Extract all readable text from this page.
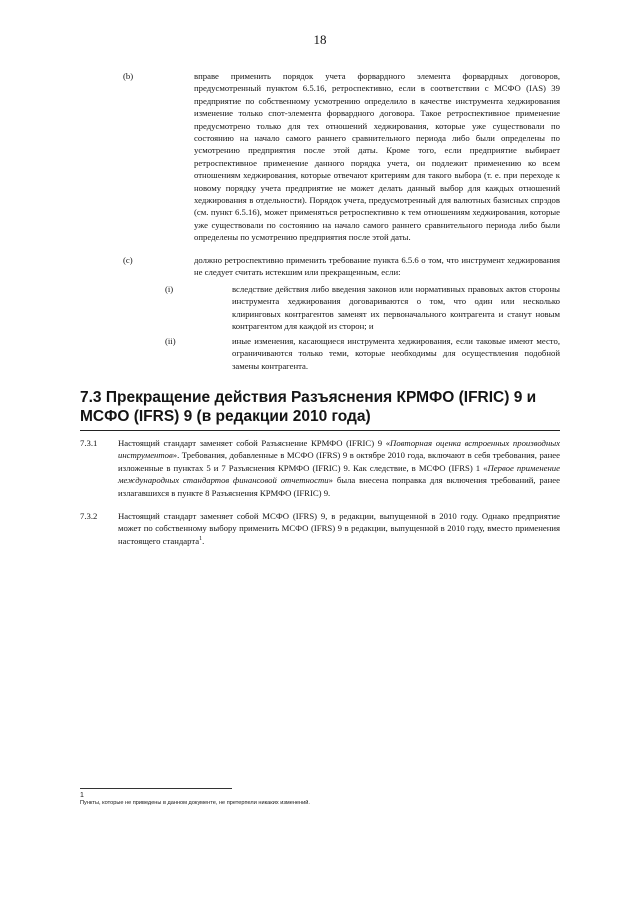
18
(b)	вправе применить порядок учета форвардного элемента форвардных договоров, предусмотренный пунктом 6.5.16, ретроспективно, если в соответствии с МСФО (IAS) 39 предприятие по собственному усмотрению определило в качестве инструмента хеджирования изменение только спот-элемента форвардного договора. Такое ретроспективное применение предусмотрено только для тех отношений хеджирования, которые уже существовали по состоянию на начало самого раннего сравнительного периода либо были определены по усмотрению предприятия после этой даты. Кроме того, если предприятие выбирает ретроспективное применение данного порядка учета, он подлежит применению ко всем отношениям хеджирования, которые отвечают критериям для такого выбора (т. е. при переходе к новому порядку учета предприятие не может делать данный выбор для каждых отношений хеджирования в отдельности). Порядок учета, предусмотренный для валютных базисных спрэдов (см. пункт 6.5.16), может применяться ретроспективно к тем отношениям хеджирования, которые уже существовали по состоянию на начало самого раннего сравнительного периода либо были определены по усмотрению предприятия после этой даты.

(c)	должно ретроспективно применить требование пункта 6.5.6 о том, что инструмент хеджирования не следует считать истекшим или прекращенным, если:

(i)	вследствие действия либо введения законов или нормативных правовых актов стороны инструмента хеджирования договариваются о том, что один или несколько клиринговых контрагентов заменят их первоначального контрагента и станут новым контрагентом для каждой из сторон; и

(ii)	иные изменения, касающиеся инструмента хеджирования, если таковые имеют место, ограничиваются только теми, которые необходимы для осуществления подобной замены контрагента.

7.3 Прекращение действия Разъяснения КРМФО (IFRIC) 9 и МСФО (IFRS) 9 (в редакции 2010 года)
7.3.1 Настоящий стандарт заменяет собой Разъяснение КРМФО (IFRIC) 9 «Повторная оценка встроенных производных инструментов». Требования, добавленные в МСФО (IFRS) 9 в октябре 2010 года, включают в себя требования, ранее изложенные в пунктах 5 и 7 Разъяснения КРМФО (IFRIC) 9. Как следствие, в МСФО (IFRS) 1 «Первое применение международных стандартов финансовой отчетности» была внесена поправка для включения требований, ранее излагавшихся в пункте 8 Разъяснения КРМФО (IFRIC) 9.

7.3.2 Настоящий стандарт заменяет собой МСФО (IFRS) 9, в редакции, выпущенной в 2010 году. Однако предприятие может по собственному выбору применить МСФО (IFRS) 9 в редакции, выпущенной в 2010 году, вместо применения настоящего стандарта$^1$.

1
Пункты, которые не приведены в данном документе, не претерпели никаких изменений.
